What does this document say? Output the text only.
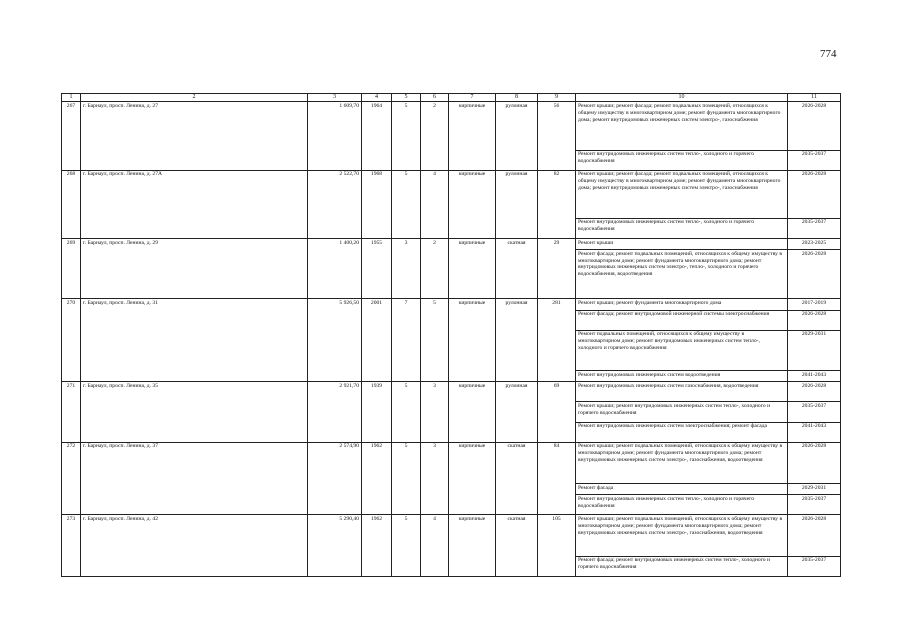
774
1	2	3	4	5	6	7	8	9	10	11
267	г. Барнаул, просп. Ленина, д. 27	1 609,70	1964	5	2	кирпичные	рулонная	56	Ремонт крыши; ремонт фасада; ремонт подвальных помещений, относящихся к общему имуществу в многоквартирном доме; ремонт фундамента многоквартирного дома; ремонт внутридомовых инженерных систем электро-, газоснабжения	2026-2028
									Ремонт внутридомовых инженерных систем тепло-, холодного и горячего водоснабжения	2035-2037
268	г. Барнаул, просп. Ленина, д. 27А	2 522,70	1968	5	4	кирпичные	рулонная	82	Ремонт крыши; ремонт фасада; ремонт подвальных помещений, относящихся к общему имуществу в многоквартирном доме; ремонт фундамента многоквартирного дома; ремонт внутридомовых инженерных систем электро-, газоснабжения	2026-2028
									Ремонт внутридомовых инженерных систем тепло-, холодного и горячего водоснабжения	2035-2037
269	г. Барнаул, просп. Ленина, д. 29	1 400,20	1955	3	2	кирпичные	скатная	29	Ремонт крыши	2023-2025
									Ремонт фасада; ремонт подвальных помещений, относящихся к общему имуществу в многоквартирном доме; ремонт фундамента многоквартирного дома; ремонт внутридомовых инженерных систем электро-, тепло-, холодного и горячего водоснабжения, водоотведения	2026-2028
270	г. Барнаул, просп. Ленина, д. 31	5 926,50	2001	7	5	кирпичные	рулонная	281	Ремонт крыши; ремонт фундамента многоквартирного дома	2017-2019
									Ремонт фасада; ремонт внутридомовой инженерной системы электроснабжения	2026-2028
									Ремонт подвальных помещений, относящихся к общему имуществу в многоквартирном доме; ремонт внутридомовых инженерных систем тепло-, холодного и горячего водоснабжения	2029-2031
									Ремонт внутридомовых инженерных систем водоотведения	2041-2043
271	г. Барнаул, просп. Ленина, д. 35	2 921,70	1939	5	3	кирпичные	рулонная	69	Ремонт внутридомовых инженерных систем газоснабжения, водоотведения	2026-2028
									Ремонт крыши; ремонт внутридомовых инженерных систем тепло-, холодного и горячего водоснабжения	2035-2037
									Ремонт внутридомовых инженерных систем электроснабжения; ремонт фасада	2041-2043
272	г. Барнаул, просп. Ленина, д. 37	2 574,90	1962	5	3	кирпичные	скатная	84	Ремонт крыши; ремонт подвальных помещений, относящихся к общему имуществу в многоквартирном доме; ремонт фундамента многоквартирного дома; ремонт внутридомовых инженерных систем электро-, газоснабжения, водоотведения	2026-2028
									Ремонт фасада	2029-2031
									Ремонт внутридомовых инженерных систем тепло-, холодного и горячего водоснабжения	2035-2037
273	г. Барнаул, просп. Ленина, д. 42	5 290,40	1962	5	4	кирпичные	скатная	105	Ремонт крыши; ремонт подвальных помещений, относящихся к общему имуществу в многоквартирном доме; ремонт фундамента многоквартирного дома; ремонт внутридомовых инженерных систем электро-, газоснабжения, водоотведения	2026-2028
									Ремонт фасада; ремонт внутридомовых инженерных систем тепло-, холодного и горячего водоснабжения	2035-2037
